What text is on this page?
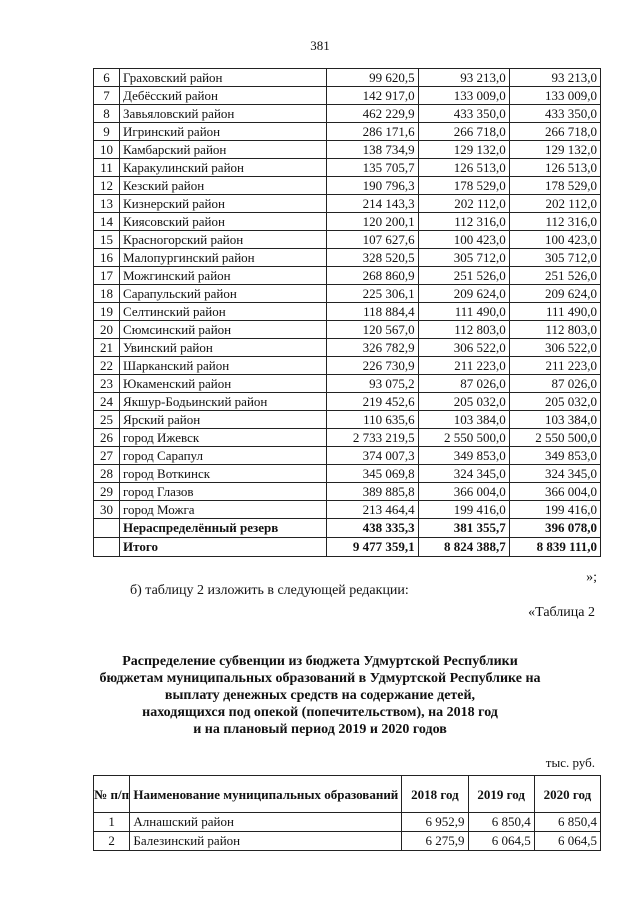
381
6	Граховский район	99 620,5	93 213,0	93 213,0
7	Дебёсский район	142 917,0	133 009,0	133 009,0
8	Завьяловский район	462 229,9	433 350,0	433 350,0
9	Игринский район	286 171,6	266 718,0	266 718,0
10	Камбарский район	138 734,9	129 132,0	129 132,0
11	Каракулинский район	135 705,7	126 513,0	126 513,0
12	Кезский район	190 796,3	178 529,0	178 529,0
13	Кизнерский район	214 143,3	202 112,0	202 112,0
14	Киясовский район	120 200,1	112 316,0	112 316,0
15	Красногорский район	107 627,6	100 423,0	100 423,0
16	Малопургинский район	328 520,5	305 712,0	305 712,0
17	Можгинский район	268 860,9	251 526,0	251 526,0
18	Сарапульский район	225 306,1	209 624,0	209 624,0
19	Селтинский район	118 884,4	111 490,0	111 490,0
20	Сюмсинский район	120 567,0	112 803,0	112 803,0
21	Увинский район	326 782,9	306 522,0	306 522,0
22	Шарканский район	226 730,9	211 223,0	211 223,0
23	Юкаменский район	93 075,2	87 026,0	87 026,0
24	Якшур-Бодьинский район	219 452,6	205 032,0	205 032,0
25	Ярский район	110 635,6	103 384,0	103 384,0
26	город Ижевск	2 733 219,5	2 550 500,0	2 550 500,0
27	город Сарапул	374 007,3	349 853,0	349 853,0
28	город Воткинск	345 069,8	324 345,0	324 345,0
29	город Глазов	389 885,8	366 004,0	366 004,0
30	город Можга	213 464,4	199 416,0	199 416,0
	Нераспределённый резерв	438 335,3	381 355,7	396 078,0
	Итого	9 477 359,1	8 824 388,7	8 839 111,0
»;
б) таблицу 2 изложить в следующей редакции:
«Таблица 2
Распределение субвенции из бюджета Удмуртской Республики
бюджетам муниципальных образований в Удмуртской Республике на
выплату денежных средств на содержание детей,
находящихся под опекой (попечительством), на 2018 год
и на плановый период 2019 и 2020 годов
тыс. руб.
№ п/п	Наименование муниципальных образований	2018 год	2019 год	2020 год
1	Алнашский район	6 952,9	6 850,4	6 850,4
2	Балезинский район	6 275,9	6 064,5	6 064,5
